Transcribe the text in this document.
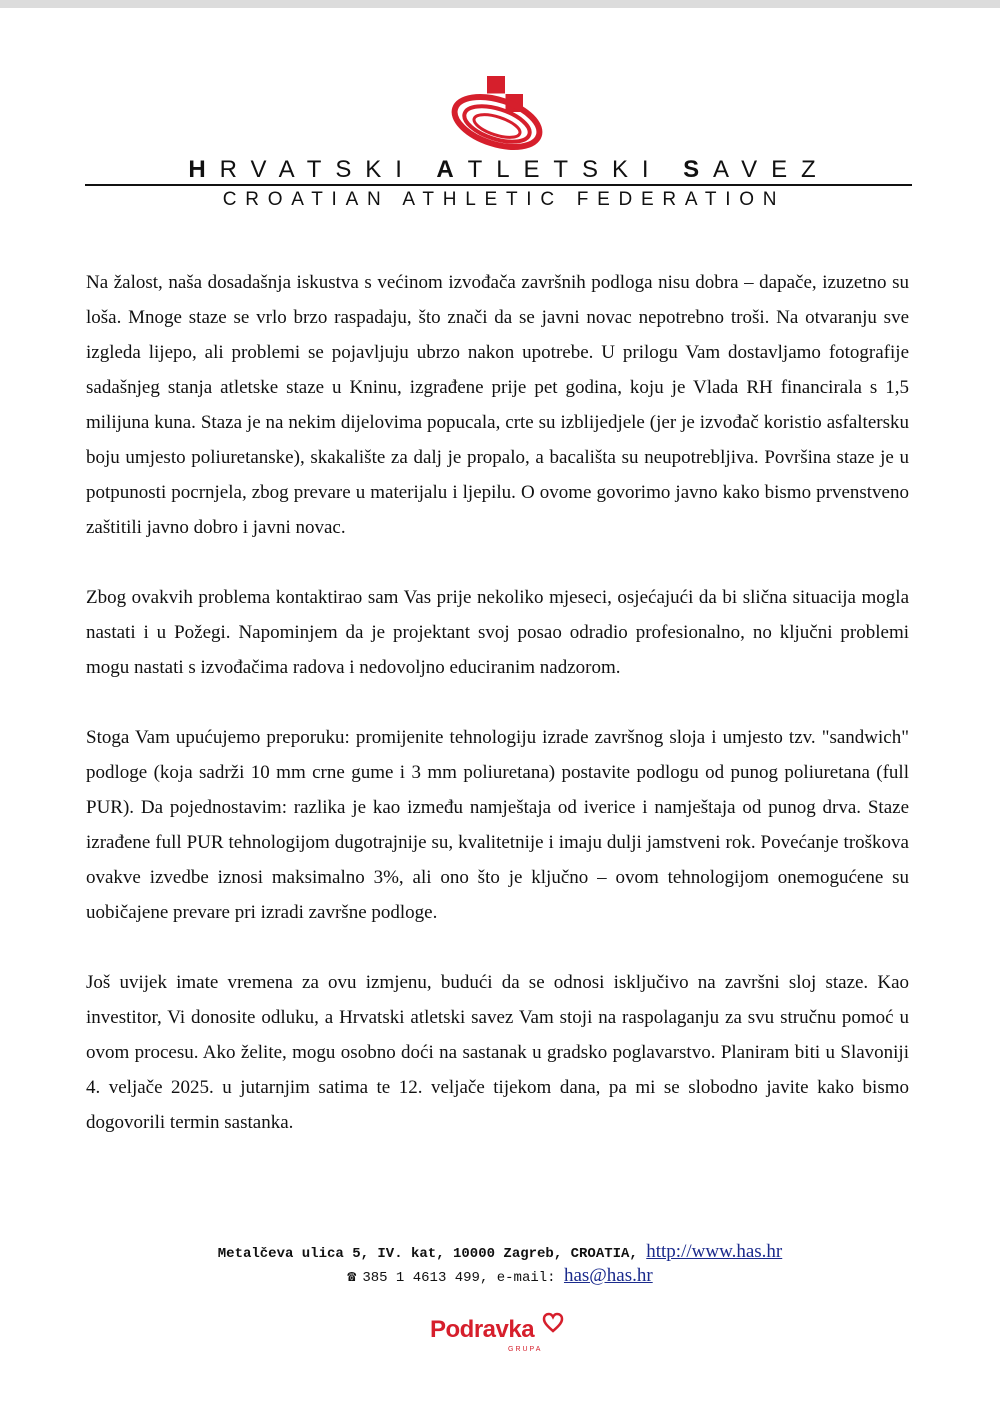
HRVATSKI ATLETSKI SAVEZ
CROATIAN ATHLETIC FEDERATION

Na žalost, naša dosadašnja iskustva s većinom izvođača završnih podloga nisu dobra – dapače, izuzetno su loša. Mnoge staze se vrlo brzo raspadaju, što znači da se javni novac nepotrebno troši. Na otvaranju sve izgleda lijepo, ali problemi se pojavljuju ubrzo nakon upotrebe. U prilogu Vam dostavljamo fotografije sadašnjeg stanja atletske staze u Kninu, izgrađene prije pet godina, koju je Vlada RH financirala s 1,5 milijuna kuna. Staza je na nekim dijelovima popucala, crte su izblijedjele (jer je izvođač koristio asfaltersku boju umjesto poliuretanske), skakalište za dalj je propalo, a bacališta su neupotrebljiva. Površina staze je u potpunosti pocrnjela, zbog prevare u materijalu i ljepilu. O ovome govorimo javno kako bismo prvenstveno zaštitili javno dobro i javni novac.

Zbog ovakvih problema kontaktirao sam Vas prije nekoliko mjeseci, osjećajući da bi slična situacija mogla nastati i u Požegi. Napominjem da je projektant svoj posao odradio profesionalno, no ključni problemi mogu nastati s izvođačima radova i nedovoljno educiranim nadzorom.

Stoga Vam upućujemo preporuku: promijenite tehnologiju izrade završnog sloja i umjesto tzv. "sandwich" podloge (koja sadrži 10 mm crne gume i 3 mm poliuretana) postavite podlogu od punog poliuretana (full PUR). Da pojednostavim: razlika je kao između namještaja od iverice i namještaja od punog drva. Staze izrađene full PUR tehnologijom dugotrajnije su, kvalitetnije i imaju dulji jamstveni rok. Povećanje troškova ovakve izvedbe iznosi maksimalno 3%, ali ono što je ključno – ovom tehnologijom onemogućene su uobičajene prevare pri izradi završne podloge.

Još uvijek imate vremena za ovu izmjenu, budući da se odnosi isključivo na završni sloj staze. Kao investitor, Vi donosite odluku, a Hrvatski atletski savez Vam stoji na raspolaganju za svu stručnu pomoć u ovom procesu. Ako želite, mogu osobno doći na sastanak u gradsko poglavarstvo. Planiram biti u Slavoniji 4. veljače 2025. u jutarnjim satima te 12. veljače tijekom dana, pa mi se slobodno javite kako bismo dogovorili termin sastanka.

Metalčeva ulica 5, IV. kat, 10000 Zagreb, CROATIA, http://www.has.hr
☎ 385 1 4613 499, e-mail: has@has.hr
Podravka
GRUPA
